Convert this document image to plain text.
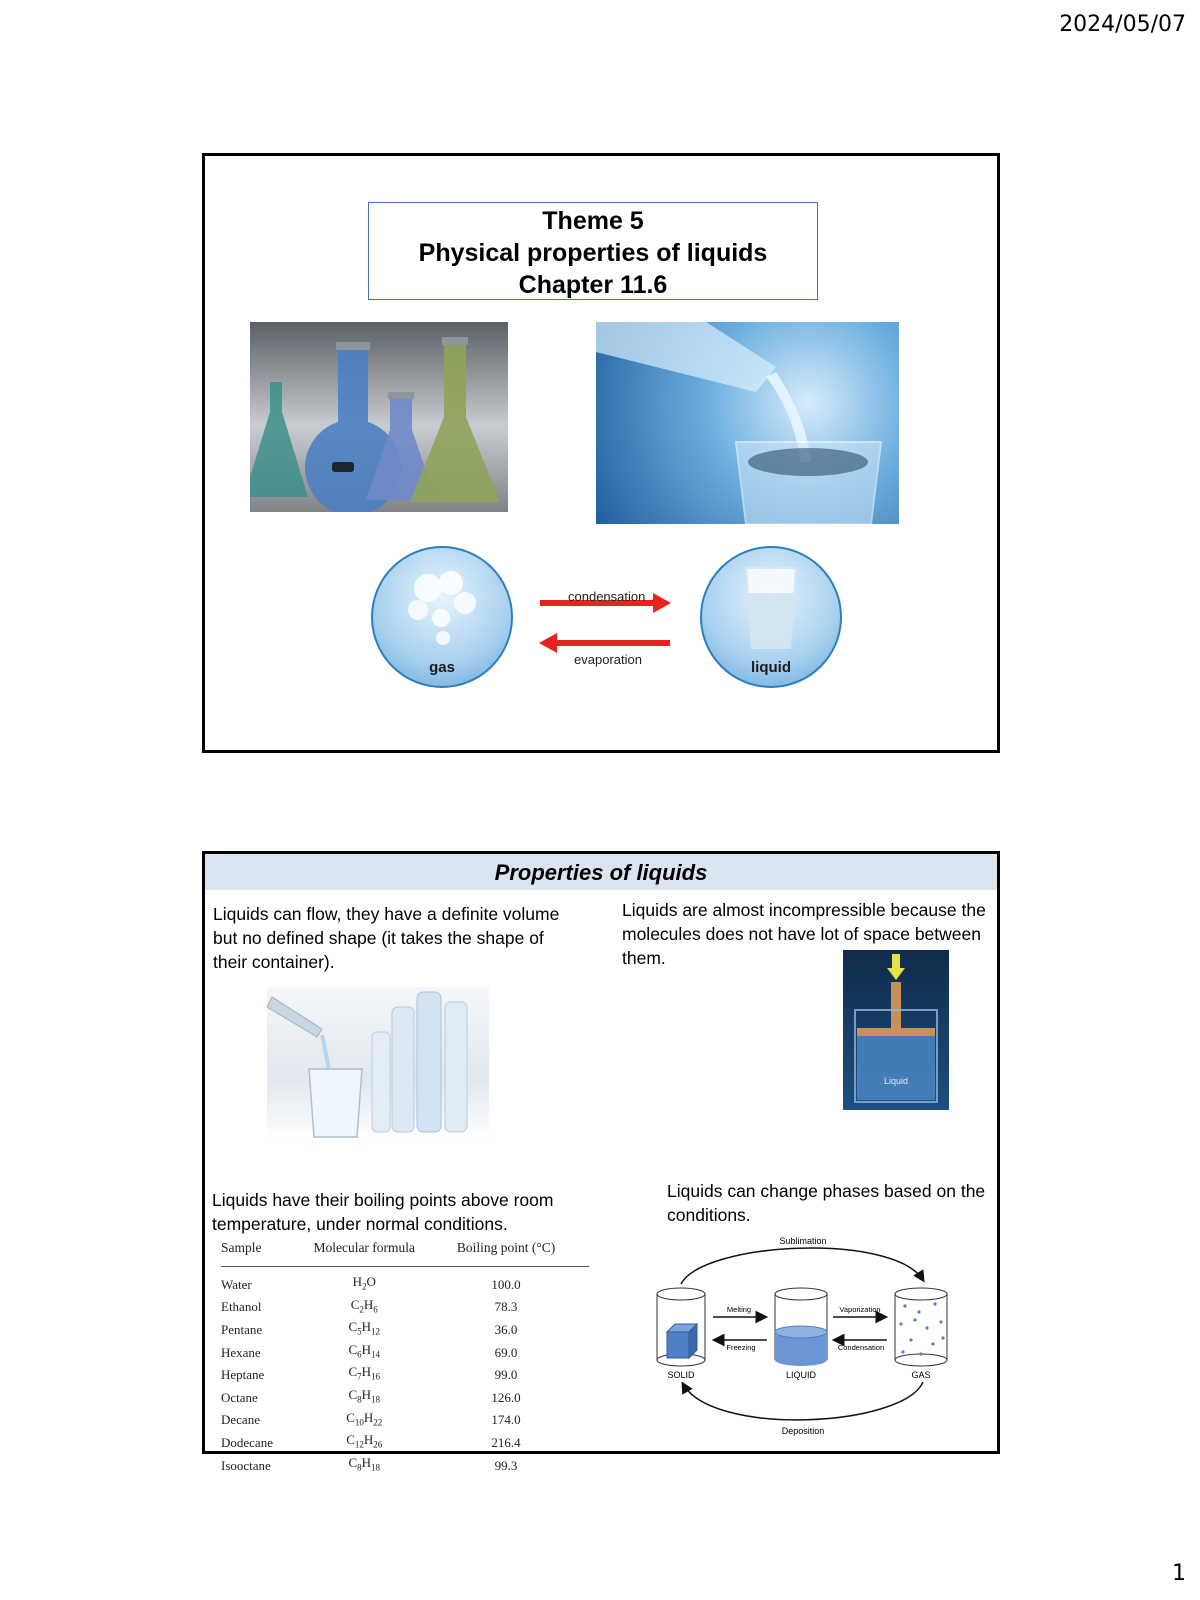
2024/05/07
Theme 5
Physical properties of liquids
Chapter 11.6
gas
condensation
evaporation	liquid
Properties of liquids
Liquids can flow, they have a definite volume but no defined shape (it takes the shape of their container).
Liquids are almost incompressible because the molecules does not have lot of space between them.
Liquid
Liquids have their boiling points above room temperature, under normal conditions.
Liquids can change phases based on the conditions.
Sample	Molecular formula	Boiling point (°C)
Water	$H_2O$	100.0
Ethanol	$C_2H_6$	78.3
Pentane	$C_5H_{12}$	36.0
Hexane	$C_6H_{14}$	69.0
Heptane	$C_7H_{16}$	99.0
Octane	$C_8H_{18}$	126.0
Decane	$C_{10}H_{22}$	174.0
Dodecane	$C_{12}H_{26}$	216.4
Isooctane	$C_8H_{18}$	99.3
Sublimation
Deposition
SOLID	LIQUID	GAS
Melting
Freezing
Vaporization
Condensation
1
